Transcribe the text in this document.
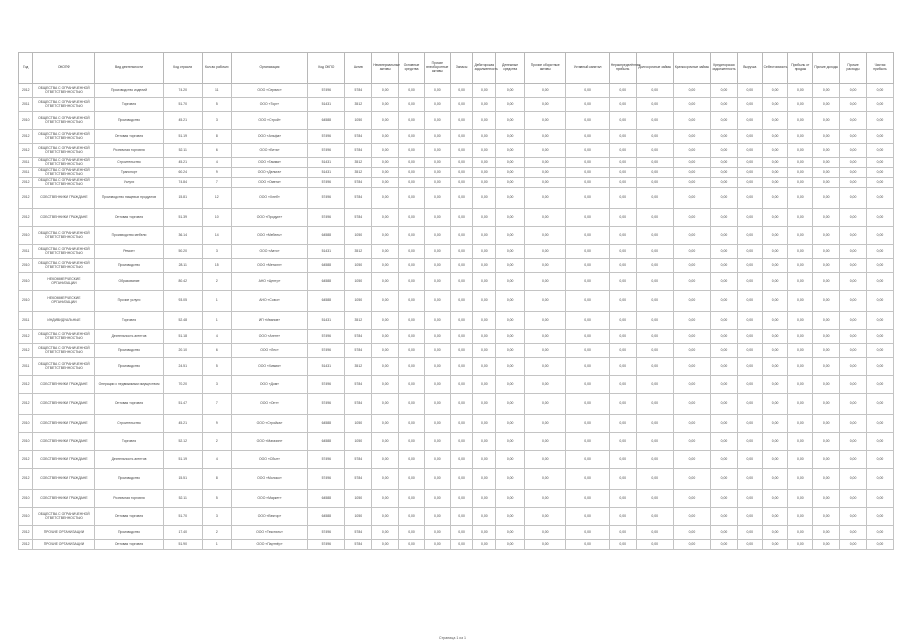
Год	ОКОПФ	Вид деятельности	Код отрасли	Кол-во рабочих	Организация	Код ОКПО	Актив	Нематериальные активы	Основные средства	Прочие внеоборотные активы	Запасы	Дебиторская задолженность	Денежные средства	Прочие оборотные активы	Уставный капитал	Нераспределённая прибыль	Долгосрочные займы	Краткосрочные займы	Кредиторская задолженность	Выручка	Себестоимость	Прибыль от продаж	Прочие доходы	Прочие расходы	Чистая прибыль
2012	ОБЩЕСТВА С ОГРАНИЧЕННОЙ ОТВЕТСТВЕННОСТЬЮ	Производство изделий	74.20	11	ООО «Сервис»	57496	5784	0,00	0,00	0,00	0,00	0,00	0,00	0,00	0,00	0,00	0,00	0,00	0,00	0,00	0,00	0,00	0,00	0,00	0,00
2011	ОБЩЕСТВА С ОГРАНИЧЕННОЙ ОТВЕТСТВЕННОСТЬЮ	Торговля	51.70	5	ООО «Торг»	51431	3512	0,00	0,00	0,00	0,00	0,00	0,00	0,00	0,00	0,00	0,00	0,00	0,00	0,00	0,00	0,00	0,00	0,00	0,00
2010	ОБЩЕСТВА С ОГРАНИЧЕННОЙ ОТВЕТСТВЕННОСТЬЮ	Производство	45.21	3	ООО «Строй»	64588	1050	0,00	0,00	0,00	0,00	0,00	0,00	0,00	0,00	0,00	0,00	0,00	0,00	0,00	0,00	0,00	0,00	0,00	0,00
2012	ОБЩЕСТВА С ОГРАНИЧЕННОЙ ОТВЕТСТВЕННОСТЬЮ	Оптовая торговля	51.19	8	ООО «Альфа»	57496	5784	0,00	0,00	0,00	0,00	0,00	0,00	0,00	0,00	0,00	0,00	0,00	0,00	0,00	0,00	0,00	0,00	0,00	0,00
2012	ОБЩЕСТВА С ОГРАНИЧЕННОЙ ОТВЕТСТВЕННОСТЬЮ	Розничная торговля	52.11	6	ООО «Бета»	57496	5784	0,00	0,00	0,00	0,00	0,00	0,00	0,00	0,00	0,00	0,00	0,00	0,00	0,00	0,00	0,00	0,00	0,00	0,00
2011	ОБЩЕСТВА С ОГРАНИЧЕННОЙ ОТВЕТСТВЕННОСТЬЮ	Строительство	45.21	4	ООО «Гамма»	51431	3512	0,00	0,00	0,00	0,00	0,00	0,00	0,00	0,00	0,00	0,00	0,00	0,00	0,00	0,00	0,00	0,00	0,00	0,00
2011	ОБЩЕСТВА С ОГРАНИЧЕННОЙ ОТВЕТСТВЕННОСТЬЮ	Транспорт	60.24	9	ООО «Дельта»	51431	3512	0,00	0,00	0,00	0,00	0,00	0,00	0,00	0,00	0,00	0,00	0,00	0,00	0,00	0,00	0,00	0,00	0,00	0,00
2012	ОБЩЕСТВА С ОГРАНИЧЕННОЙ ОТВЕТСТВЕННОСТЬЮ	Услуги	74.84	7	ООО «Омега»	57496	5784	0,00	0,00	0,00	0,00	0,00	0,00	0,00	0,00	0,00	0,00	0,00	0,00	0,00	0,00	0,00	0,00	0,00	0,00
2012	СОБСТВЕННИКИ ГРАЖДАНЕ	Производство пищевых продуктов	15.81	12	ООО «Хлеб»	57496	5784	0,00	0,00	0,00	0,00	0,00	0,00	0,00	0,00	0,00	0,00	0,00	0,00	0,00	0,00	0,00	0,00	0,00	0,00
2012	СОБСТВЕННИКИ ГРАЖДАНЕ	Оптовая торговля	51.39	10	ООО «Продукт»	57496	5784	0,00	0,00	0,00	0,00	0,00	0,00	0,00	0,00	0,00	0,00	0,00	0,00	0,00	0,00	0,00	0,00	0,00	0,00
2010	ОБЩЕСТВА С ОГРАНИЧЕННОЙ ОТВЕТСТВЕННОСТЬЮ	Производство мебели	36.14	14	ООО «Мебель»	64588	1050	0,00	0,00	0,00	0,00	0,00	0,00	0,00	0,00	0,00	0,00	0,00	0,00	0,00	0,00	0,00	0,00	0,00	0,00
2011	ОБЩЕСТВА С ОГРАНИЧЕННОЙ ОТВЕТСТВЕННОСТЬЮ	Ремонт	50.20	3	ООО «Авто»	51431	3512	0,00	0,00	0,00	0,00	0,00	0,00	0,00	0,00	0,00	0,00	0,00	0,00	0,00	0,00	0,00	0,00	0,00	0,00
2010	ОБЩЕСТВА С ОГРАНИЧЕННОЙ ОТВЕТСТВЕННОСТЬЮ	Производство	28.11	15	ООО «Металл»	64588	1050	0,00	0,00	0,00	0,00	0,00	0,00	0,00	0,00	0,00	0,00	0,00	0,00	0,00	0,00	0,00	0,00	0,00	0,00
2010	НЕКОММЕРЧЕСКИЕ ОРГАНИЗАЦИИ	Образование	80.42	2	АНО «Центр»	64588	1050	0,00	0,00	0,00	0,00	0,00	0,00	0,00	0,00	0,00	0,00	0,00	0,00	0,00	0,00	0,00	0,00	0,00	0,00
2010	НЕКОММЕРЧЕСКИЕ ОРГАНИЗАЦИИ	Прочие услуги	93.05	1	АНО «Союз»	64588	1050	0,00	0,00	0,00	0,00	0,00	0,00	0,00	0,00	0,00	0,00	0,00	0,00	0,00	0,00	0,00	0,00	0,00	0,00
2011	ИНДИВИДУАЛЬНЫЕ	Торговля	52.48	1	ИП «Иванов»	51431	3512	0,00	0,00	0,00	0,00	0,00	0,00	0,00	0,00	0,00	0,00	0,00	0,00	0,00	0,00	0,00	0,00	0,00	0,00
2012	ОБЩЕСТВА С ОГРАНИЧЕННОЙ ОТВЕТСТВЕННОСТЬЮ	Деятельность агентов	51.18	4	ООО «Агент»	57496	5784	0,00	0,00	0,00	0,00	0,00	0,00	0,00	0,00	0,00	0,00	0,00	0,00	0,00	0,00	0,00	0,00	0,00	0,00
2012	ОБЩЕСТВА С ОГРАНИЧЕННОЙ ОТВЕТСТВЕННОСТЬЮ	Производство	20.10	6	ООО «Лес»	57496	5784	0,00	0,00	0,00	0,00	0,00	0,00	0,00	0,00	0,00	0,00	0,00	0,00	0,00	0,00	0,00	0,00	0,00	0,00
2011	ОБЩЕСТВА С ОГРАНИЧЕННОЙ ОТВЕТСТВЕННОСТЬЮ	Производство	24.51	5	ООО «Химия»	51431	3512	0,00	0,00	0,00	0,00	0,00	0,00	0,00	0,00	0,00	0,00	0,00	0,00	0,00	0,00	0,00	0,00	0,00	0,00
2012	СОБСТВЕННИКИ ГРАЖДАНЕ	Операции с недвижимым имуществом	70.20	3	ООО «Дом»	57496	5784	0,00	0,00	0,00	0,00	0,00	0,00	0,00	0,00	0,00	0,00	0,00	0,00	0,00	0,00	0,00	0,00	0,00	0,00
2012	СОБСТВЕННИКИ ГРАЖДАНЕ	Оптовая торговля	51.47	7	ООО «Опт»	57496	5784	0,00	0,00	0,00	0,00	0,00	0,00	0,00	0,00	0,00	0,00	0,00	0,00	0,00	0,00	0,00	0,00	0,00	0,00
2010	СОБСТВЕННИКИ ГРАЖДАНЕ	Строительство	45.21	9	ООО «Стройка»	64588	1050	0,00	0,00	0,00	0,00	0,00	0,00	0,00	0,00	0,00	0,00	0,00	0,00	0,00	0,00	0,00	0,00	0,00	0,00
2010	СОБСТВЕННИКИ ГРАЖДАНЕ	Торговля	52.12	2	ООО «Магазин»	64588	1050	0,00	0,00	0,00	0,00	0,00	0,00	0,00	0,00	0,00	0,00	0,00	0,00	0,00	0,00	0,00	0,00	0,00	0,00
2012	СОБСТВЕННИКИ ГРАЖДАНЕ	Деятельность агентов	51.19	4	ООО «Сбыт»	57496	5784	0,00	0,00	0,00	0,00	0,00	0,00	0,00	0,00	0,00	0,00	0,00	0,00	0,00	0,00	0,00	0,00	0,00	0,00
2012	СОБСТВЕННИКИ ГРАЖДАНЕ	Производство	15.51	8	ООО «Молоко»	57496	5784	0,00	0,00	0,00	0,00	0,00	0,00	0,00	0,00	0,00	0,00	0,00	0,00	0,00	0,00	0,00	0,00	0,00	0,00
2010	СОБСТВЕННИКИ ГРАЖДАНЕ	Розничная торговля	52.11	5	ООО «Маркет»	64588	1050	0,00	0,00	0,00	0,00	0,00	0,00	0,00	0,00	0,00	0,00	0,00	0,00	0,00	0,00	0,00	0,00	0,00	0,00
2010	ОБЩЕСТВА С ОГРАНИЧЕННОЙ ОТВЕТСТВЕННОСТЬЮ	Оптовая торговля	51.70	3	ООО «Вектор»	64588	1050	0,00	0,00	0,00	0,00	0,00	0,00	0,00	0,00	0,00	0,00	0,00	0,00	0,00	0,00	0,00	0,00	0,00	0,00
2012	ПРОЧИЕ ОРГАНИЗАЦИИ	Производство	17.40	2	ООО «Текстиль»	57496	5784	0,00	0,00	0,00	0,00	0,00	0,00	0,00	0,00	0,00	0,00	0,00	0,00	0,00	0,00	0,00	0,00	0,00	0,00
2012	ПРОЧИЕ ОРГАНИЗАЦИИ	Оптовая торговля	51.90	1	ООО «Партнёр»	57496	5784	0,00	0,00	0,00	0,00	0,00	0,00	0,00	0,00	0,00	0,00	0,00	0,00	0,00	0,00	0,00	0,00	0,00	0,00
Страница 1 из 1
